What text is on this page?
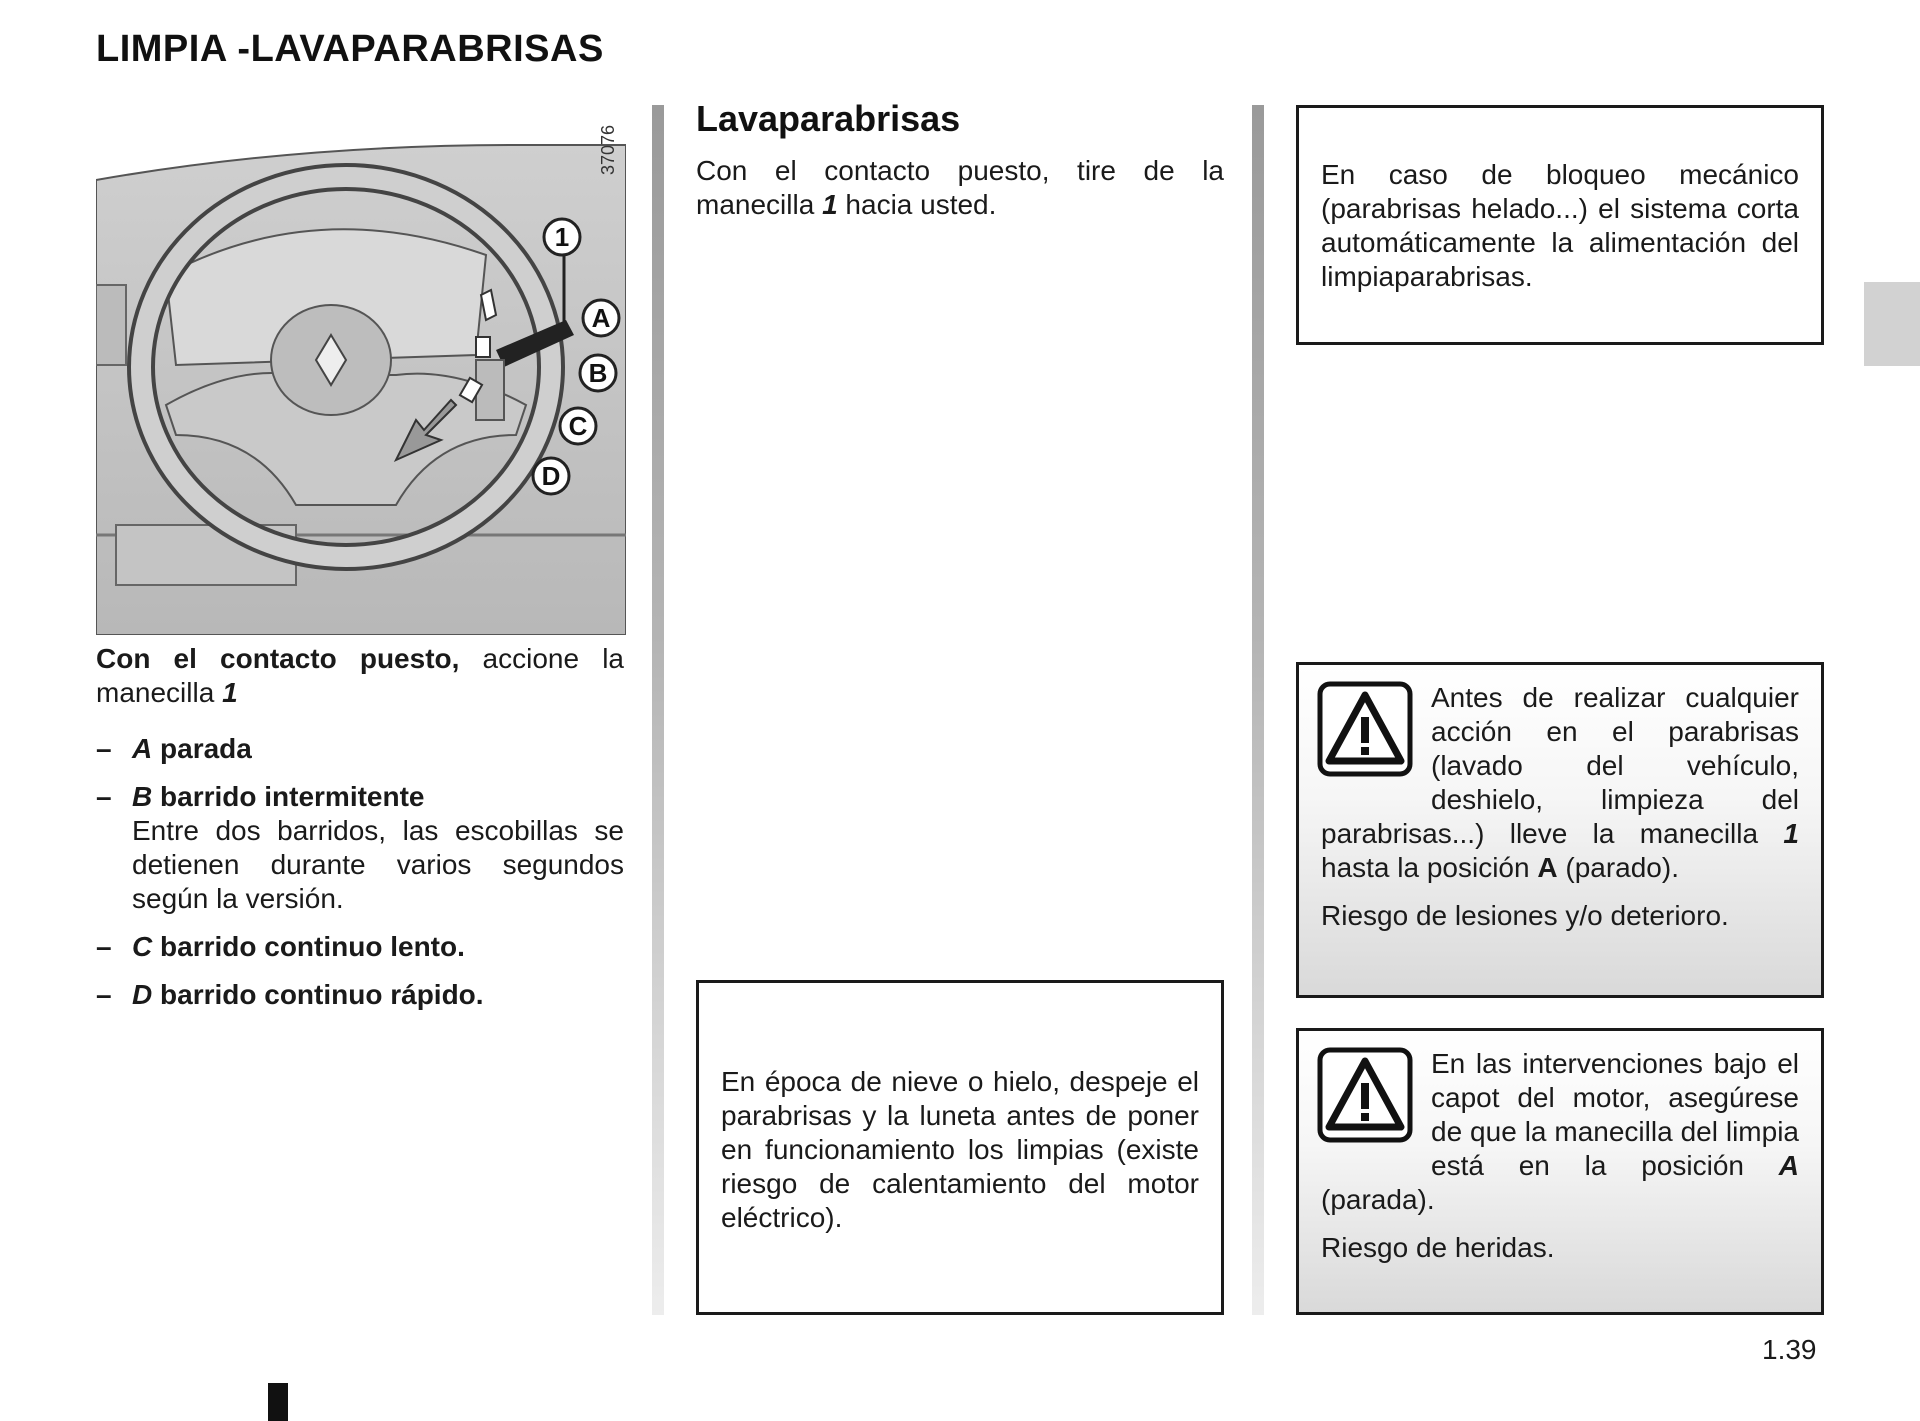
LIMPIA -LAVAPARABRISAS
1
A
B
C
D
37076
Con el contacto puesto, accione la manecilla 1
– A parada
– B barrido intermitente
Entre dos barridos, las escobillas se detienen durante varios segundos según la versión.
– C barrido continuo lento.
– D barrido continuo rápido.
Lavaparabrisas
Con el contacto puesto, tire de la manecilla 1 hacia usted.
En época de nieve o hielo, despeje el parabrisas y la luneta antes de poner en funcionamiento los limpias (existe riesgo de calentamiento del motor eléctrico).
En caso de bloqueo mecánico (parabrisas helado...) el sistema corta automáticamente la alimentación del limpiaparabrisas.
Antes de realizar cualquier acción en el parabrisas (lavado del vehículo, deshielo, limpieza del parabrisas...) lleve la manecilla 1 hasta la posición A (parado).
Riesgo de lesiones y/o deterioro.
En las intervenciones bajo el capot del motor, asegúrese de que la manecilla del limpia está en la posición A (parada).
Riesgo de heridas.
1.39
